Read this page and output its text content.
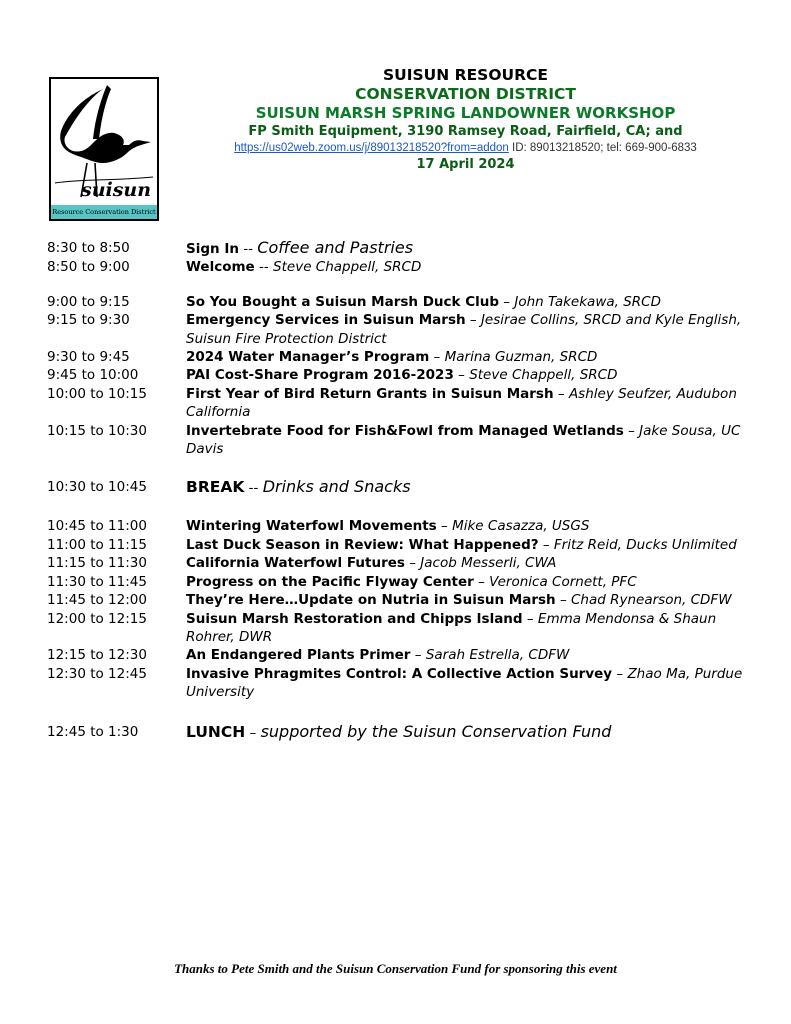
suisun
Resource Conservation District
SUISUN RESOURCE
CONSERVATION DISTRICT
SUISUN MARSH SPRING LANDOWNER WORKSHOP
FP Smith Equipment, 3190 Ramsey Road, Fairfield, CA; and
https://us02web.zoom.us/j/89013218520?from=addon ID: 89013218520; tel: 669-900-6833
17 April 2024
8:30 to 8:50	Sign In -- Coffee and Pastries
8:50 to 9:00	Welcome -- Steve Chappell, SRCD
9:00 to 9:15	So You Bought a Suisun Marsh Duck Club – John Takekawa, SRCD
9:15 to 9:30	Emergency Services in Suisun Marsh – Jesirae Collins, SRCD and Kyle English, Suisun Fire Protection District
9:30 to 9:45	2024 Water Manager’s Program – Marina Guzman, SRCD
9:45 to 10:00	PAI Cost-Share Program 2016-2023 – Steve Chappell, SRCD
10:00 to 10:15	First Year of Bird Return Grants in Suisun Marsh – Ashley Seufzer, Audubon California
10:15 to 10:30	Invertebrate Food for Fish&Fowl from Managed Wetlands – Jake Sousa, UC Davis
10:30 to 10:45	BREAK -- Drinks and Snacks
10:45 to 11:00	Wintering Waterfowl Movements – Mike Casazza, USGS
11:00 to 11:15	Last Duck Season in Review: What Happened? – Fritz Reid, Ducks Unlimited
11:15 to 11:30	California Waterfowl Futures – Jacob Messerli, CWA
11:30 to 11:45	Progress on the Pacific Flyway Center – Veronica Cornett, PFC
11:45 to 12:00	They’re Here…Update on Nutria in Suisun Marsh – Chad Rynearson, CDFW
12:00 to 12:15	Suisun Marsh Restoration and Chipps Island – Emma Mendonsa & Shaun Rohrer, DWR
12:15 to 12:30	An Endangered Plants Primer – Sarah Estrella, CDFW
12:30 to 12:45	Invasive Phragmites Control: A Collective Action Survey – Zhao Ma, Purdue University
12:45 to 1:30	LUNCH – supported by the Suisun Conservation Fund
Thanks to Pete Smith and the Suisun Conservation Fund for sponsoring this event
